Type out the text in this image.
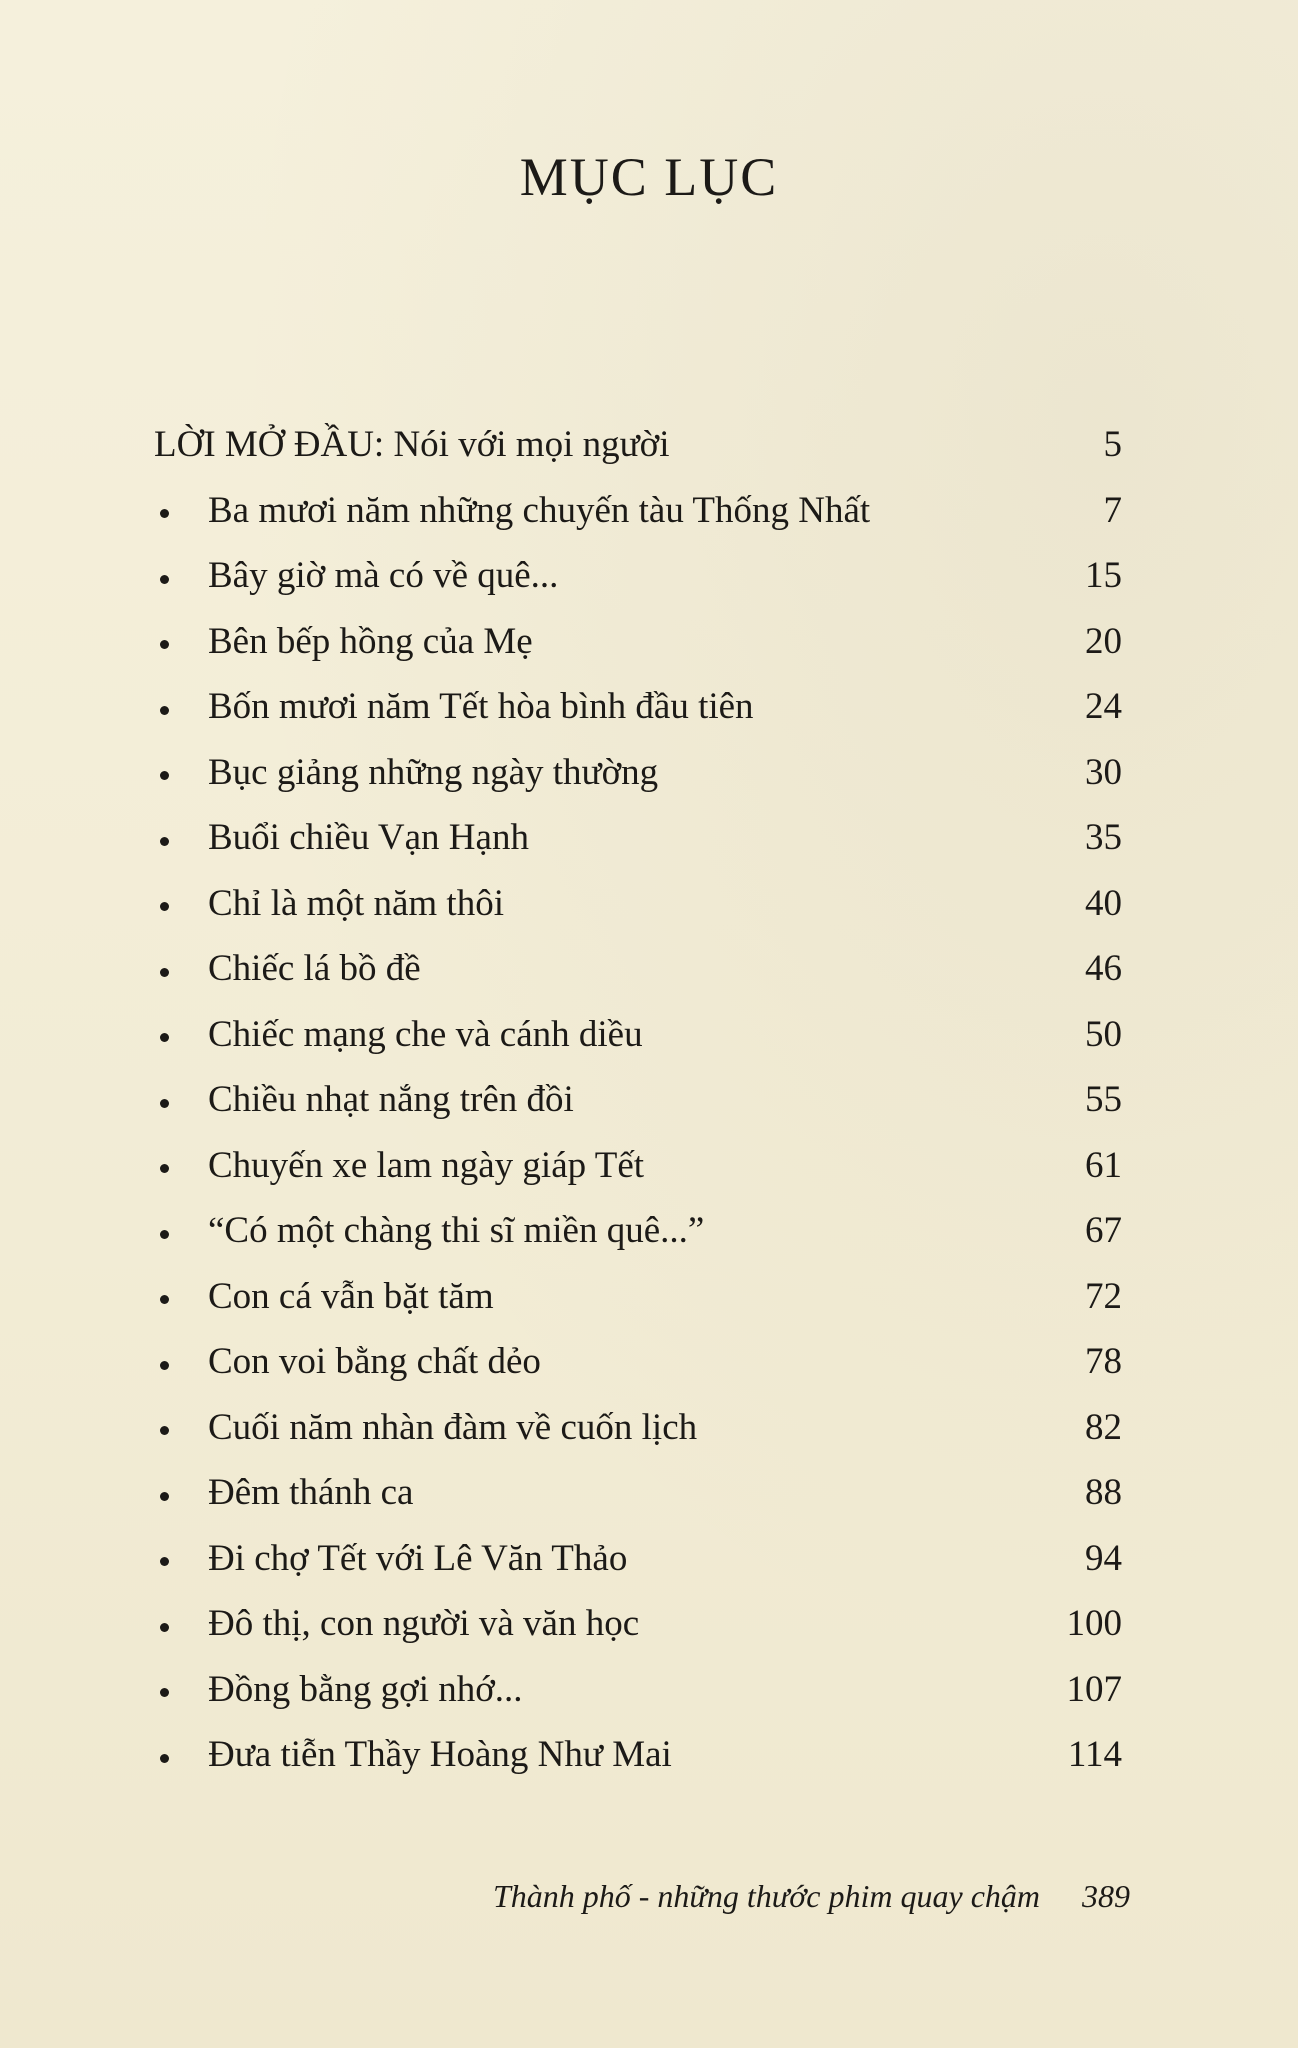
MỤC LỤC
LỜI MỞ ĐẦU: Nói với mọi người	5
Ba mươi năm những chuyến tàu Thống Nhất	7
Bây giờ mà có về quê...	15
Bên bếp hồng của Mẹ	20
Bốn mươi năm Tết hòa bình đầu tiên	24
Bục giảng những ngày thường	30
Buổi chiều Vạn Hạnh	35
Chỉ là một năm thôi	40
Chiếc lá bồ đề	46
Chiếc mạng che và cánh diều	50
Chiều nhạt nắng trên đồi	55
Chuyến xe lam ngày giáp Tết	61
“Có một chàng thi sĩ miền quê...”	67
Con cá vẫn bặt tăm	72
Con voi bằng chất dẻo	78
Cuối năm nhàn đàm về cuốn lịch	82
Đêm thánh ca	88
Đi chợ Tết với Lê Văn Thảo	94
Đô thị, con người và văn học	100
Đồng bằng gợi nhớ...	107
Đưa tiễn Thầy Hoàng Như Mai	114
Thành phố - những thước phim quay chậm 389
